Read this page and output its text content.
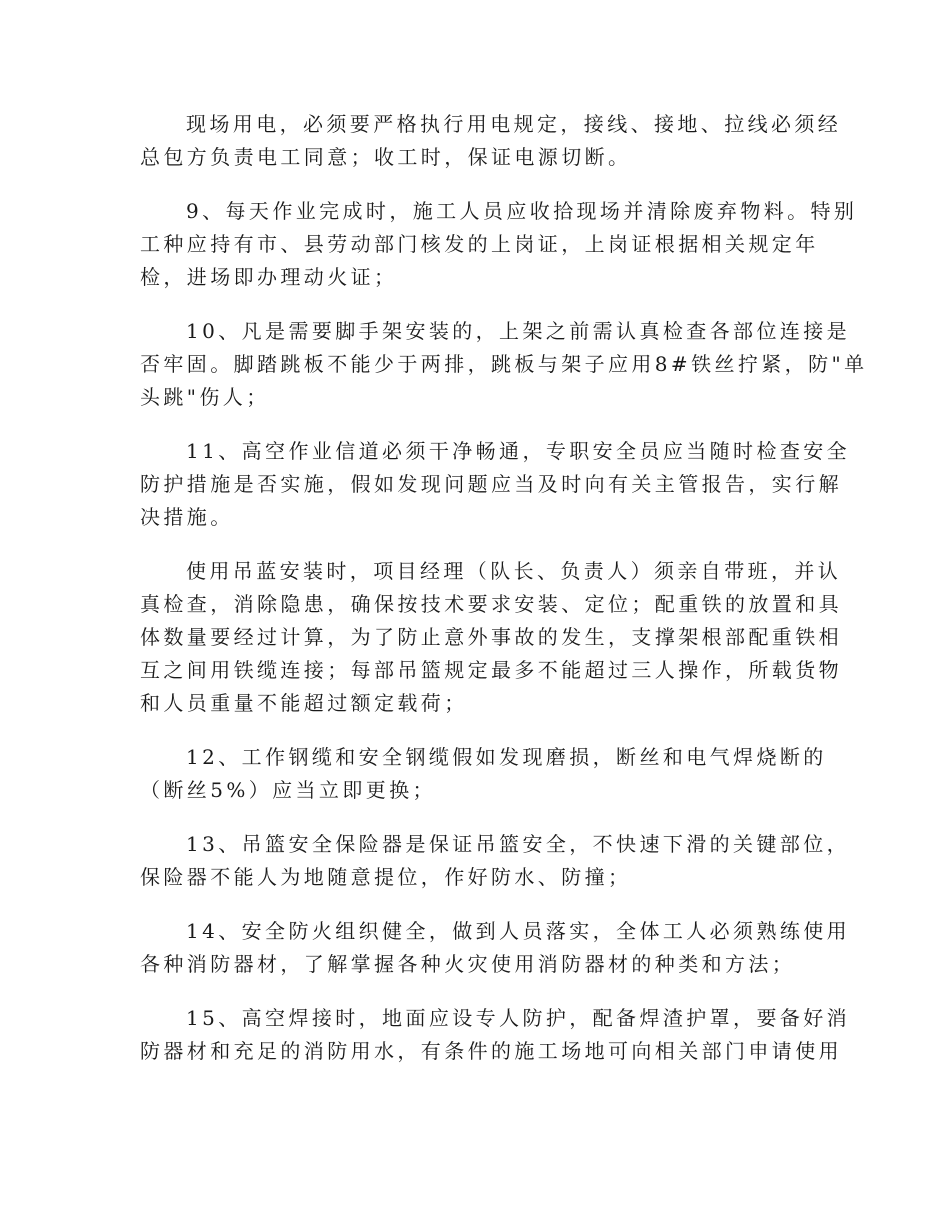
现场用电，必须要严格执行用电规定，接线、接地、拉线必须经
总包方负责电工同意；收工时，保证电源切断。
9、每天作业完成时，施工人员应收拾现场并清除废弃物料。特别
工种应持有市、县劳动部门核发的上岗证，上岗证根据相关规定年
检，进场即办理动火证；
10、凡是需要脚手架安装的，上架之前需认真检查各部位连接是
否牢固。脚踏跳板不能少于两排，跳板与架子应用8#铁丝拧紧，防"单
头跳"伤人；
11、高空作业信道必须干净畅通，专职安全员应当随时检查安全
防护措施是否实施，假如发现问题应当及时向有关主管报告，实行解
决措施。
使用吊蓝安装时，项目经理（队长、负责人）须亲自带班，并认
真检查，消除隐患，确保按技术要求安装、定位；配重铁的放置和具
体数量要经过计算，为了防止意外事故的发生，支撑架根部配重铁相
互之间用铁缆连接；每部吊篮规定最多不能超过三人操作，所载货物
和人员重量不能超过额定载荷；
12、工作钢缆和安全钢缆假如发现磨损，断丝和电气焊烧断的
（断丝5%）应当立即更换；
13、吊篮安全保险器是保证吊篮安全，不快速下滑的关键部位，
保险器不能人为地随意提位，作好防水、防撞；
14、安全防火组织健全，做到人员落实，全体工人必须熟练使用
各种消防器材，了解掌握各种火灾使用消防器材的种类和方法；
15、高空焊接时，地面应设专人防护，配备焊渣护罩，要备好消
防器材和充足的消防用水，有条件的施工场地可向相关部门申请使用
